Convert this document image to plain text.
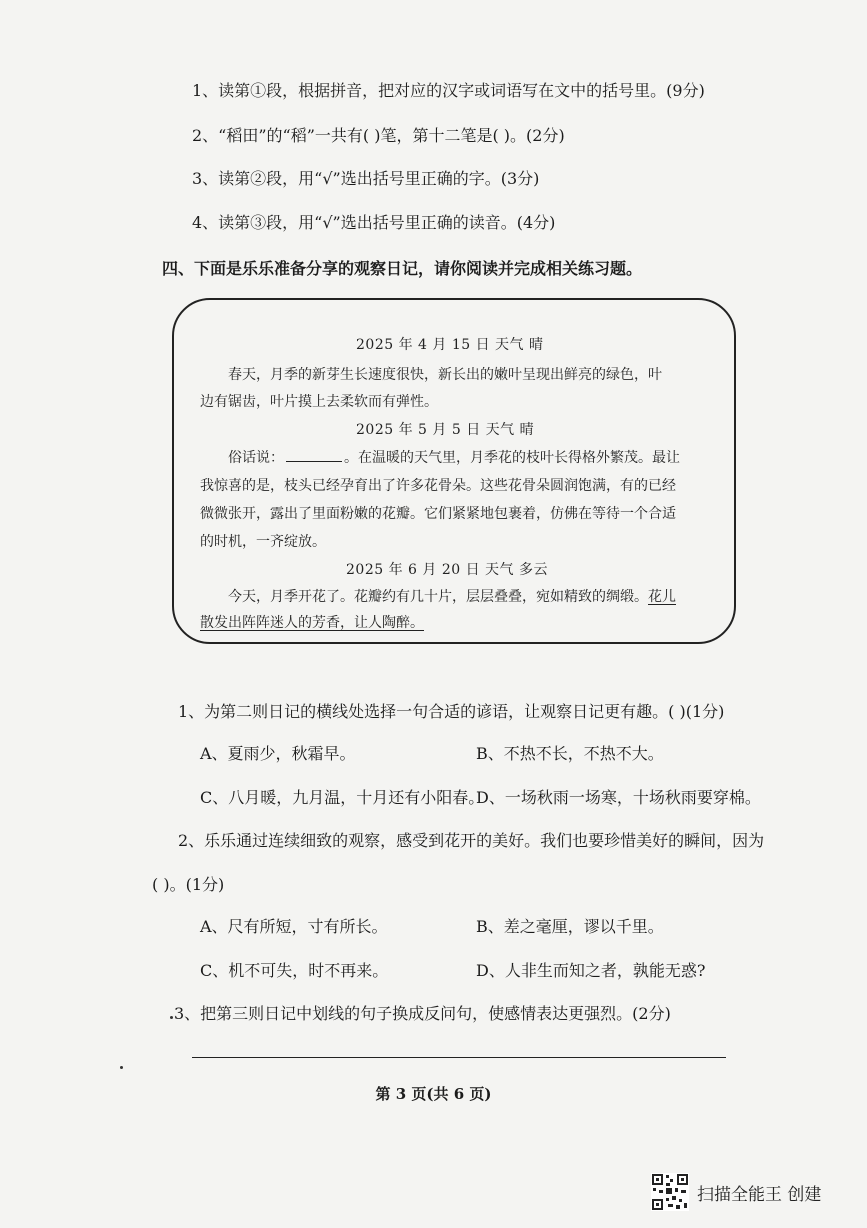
1、读第①段，根据拼音，把对应的汉字或词语写在文中的括号里。(9分)
2、“稻田”的“稻”一共有( )笔，第十二笔是( )。(2分)
3、读第②段，用“√”选出括号里正确的字。(3分)
4、读第③段，用“√”选出括号里正确的读音。(4分)
四、下面是乐乐准备分享的观察日记，请你阅读并完成相关练习题。
2025 年 4 月 15 日 天气 晴
春天，月季的新芽生长速度很快，新长出的嫩叶呈现出鲜亮的绿色，叶
边有锯齿，叶片摸上去柔软而有弹性。
2025 年 5 月 5 日 天气 晴
俗话说：	。在温暖的天气里，月季花的枝叶长得格外繁茂。最让
我惊喜的是，枝头已经孕育出了许多花骨朵。这些花骨朵圆润饱满，有的已经
微微张开，露出了里面粉嫩的花瓣。它们紧紧地包裹着，仿佛在等待一个合适
的时机，一齐绽放。
2025 年 6 月 20 日 天气 多云
今天，月季开花了。花瓣约有几十片，层层叠叠，宛如精致的绸缎。花儿
散发出阵阵迷人的芳香，让人陶醉。
1、为第二则日记的横线处选择一句合适的谚语，让观察日记更有趣。( )(1分)
A、夏雨少，秋霜早。	B、不热不长，不热不大。
C、八月暖，九月温，十月还有小阳春。
D、一场秋雨一场寒，十场秋雨要穿棉。
2、乐乐通过连续细致的观察，感受到花开的美好。我们也要珍惜美好的瞬间，因为
( )。(1分)
A、尺有所短，寸有所长。	B、差之毫厘，谬以千里。
C、机不可失，时不再来。	D、人非生而知之者，孰能无惑?
3、把第三则日记中划线的句子换成反问句，使感情表达更强烈。(2分)
第 3 页(共 6 页)
扫描全能王 创建
